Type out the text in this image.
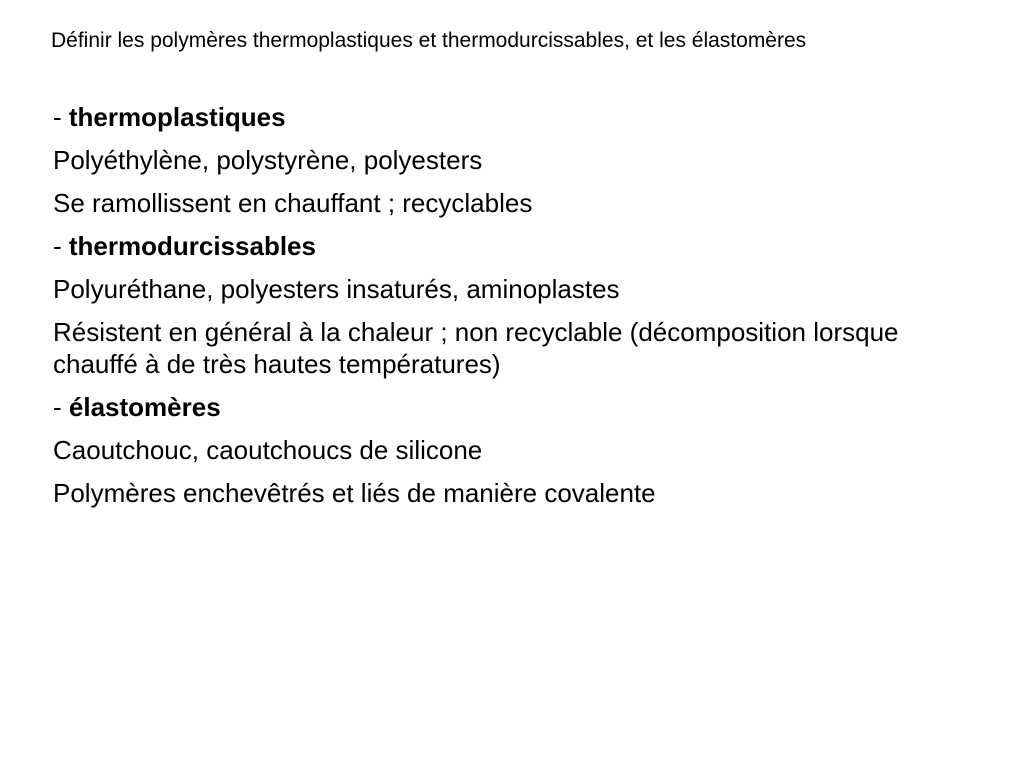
Définir les polymères thermoplastiques et thermodurcissables, et les élastomères
- thermoplastiques
Polyéthylène, polystyrène, polyesters
Se ramollissent en chauffant ; recyclables
- thermodurcissables
Polyuréthane, polyesters insaturés, aminoplastes
Résistent en général à la chaleur ; non recyclable (décomposition lorsque chauffé à de très hautes températures)
- élastomères
Caoutchouc, caoutchoucs de silicone
Polymères enchevêtrés et liés de manière covalente
